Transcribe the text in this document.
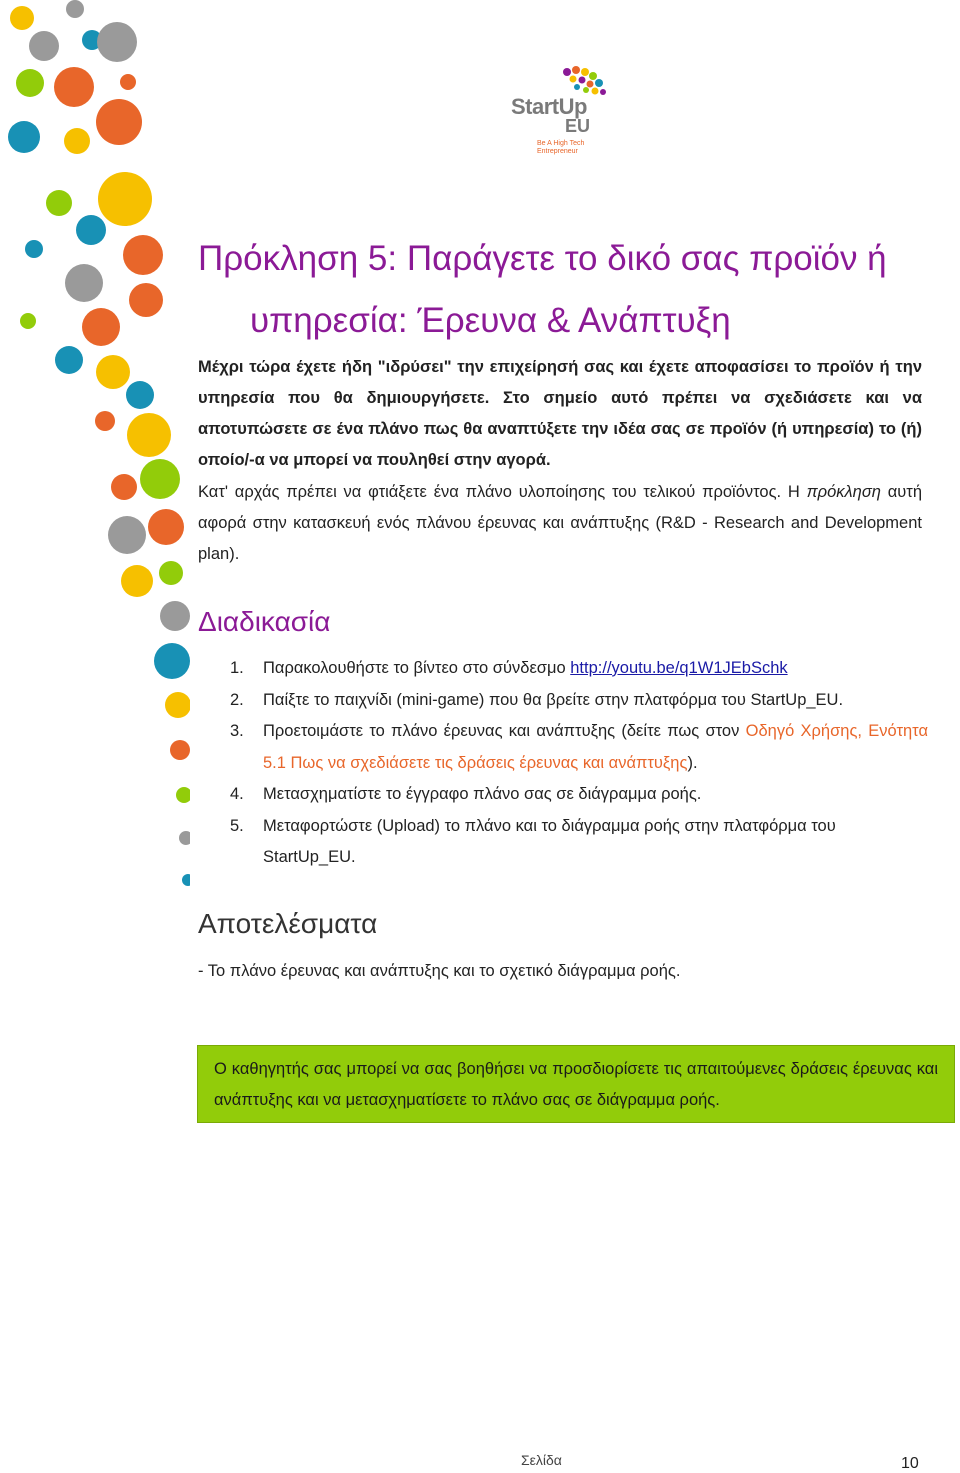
StartUp
EU
Be A High Tech Entrepreneur
Πρόκληση 5: Παράγετε το δικό σας προϊόν ή
υπηρεσία: Έρευνα & Ανάπτυξη

Μέχρι τώρα έχετε ήδη "ιδρύσει" την επιχείρησή σας και έχετε αποφασίσει το προϊόν ή την υπηρεσία που θα δημιουργήσετε. Στο σημείο αυτό πρέπει να σχεδιάσετε και να αποτυπώσετε σε ένα πλάνο πως θα αναπτύξετε την ιδέα σας σε προϊόν (ή υπηρεσία) το (ή) οποίο/-α να μπορεί να πουληθεί στην αγορά.

Κατ' αρχάς πρέπει να φτιάξετε ένα πλάνο υλοποίησης του τελικού προϊόντος. Η πρόκληση αυτή αφορά στην κατασκευή ενός πλάνου έρευνας και ανάπτυξης (R&D - Research and Development plan).

Διαδικασία
1. Παρακολουθήστε το βίντεο στο σύνδεσμο http://youtu.be/q1W1JEbSchk
2. Παίξτε το παιχνίδι (mini-game) που θα βρείτε στην πλατφόρμα του StartUp_EU.
3. Προετοιμάστε το πλάνο έρευνας και ανάπτυξης (δείτε πως στον Οδηγό Χρήσης, Ενότητα 5.1 Πως να σχεδιάσετε τις δράσεις έρευνας και ανάπτυξης).
4. Μετασχηματίστε το έγγραφο πλάνο σας σε διάγραμμα ροής.
5. Μεταφορτώστε (Upload) το πλάνο και το διάγραμμα ροής στην πλατφόρμα του StartUp_EU.
Αποτελέσματα
- Το πλάνο έρευνας και ανάπτυξης και το σχετικό διάγραμμα ροής.

Ο καθηγητής σας μπορεί να σας βοηθήσει να προσδιορίσετε τις απαιτούμενες δράσεις έρευνας και ανάπτυξης και να μετασχηματίσετε το πλάνο σας σε διάγραμμα ροής.

Σελίδα	10
